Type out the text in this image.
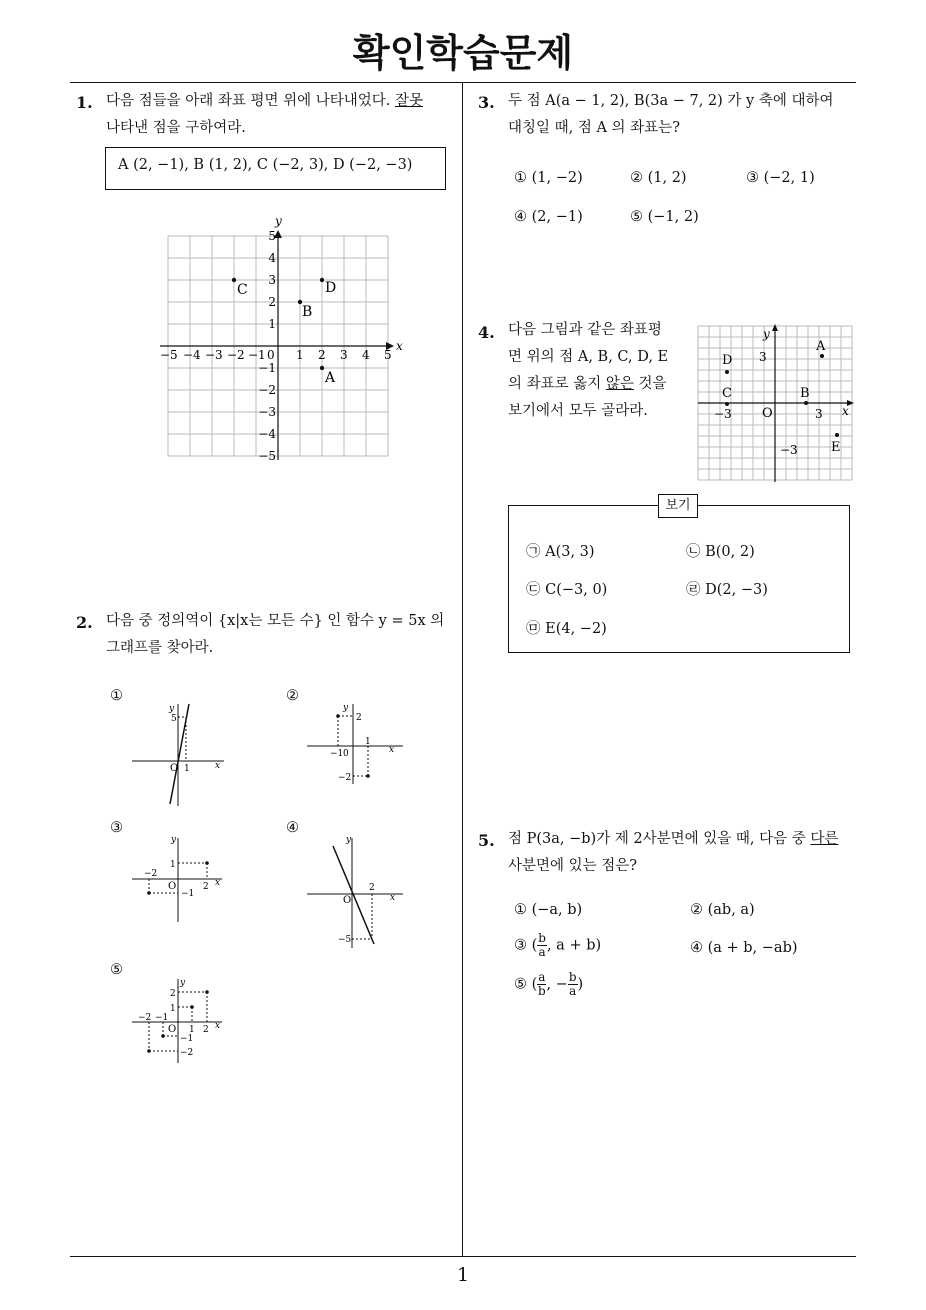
확인학습문제
1
1. 다음 점들을 아래 좌표 평면 위에 나타내었다. 잘못
나타낸 점을 구하여라.
A (2, −1), B (1, 2), C (−2, 3), D (−2, −3)
x
y
−5 −4 −3 −2 −1 0 1 2 3 4 5
5
4
3
2
1
−1
−2
−3
−4
−5
C	D
B
A
2. 다음 중 정의역이 {x|x는 모든 수} 인 함수 y = 5x 의
그래프를 찾아라.
①	②
③	④
⑤
y
5
O 1	x
y
2
−1 0
1
x
−2
y
1
−2
O	2 x
−1
y
O
2
x
−5
y
2
1
−2 −1
O 1 2 x
−1
−2
3. 두 점 A(a − 1, 2), B(3a − 7, 2) 가 y 축에 대하여
대칭일 때, 점 A 의 좌표는?
① (1, −2)	② (1, 2)	③ (−2, 1)
④ (2, −1)	⑤ (−1, 2)
4. 다음 그림과 같은 좌표평
면 위의 점 A, B, C, D, E
의 좌표로 옳지 않은 것을
보기에서 모두 골라라.	x
y
O
3
−3	3
−3
A
D
C	B
E
보기
㉠ A(3, 3)	㉡ B(0, 2)
㉢ C(−3, 0)	㉣ D(2, −3)
㉤ E(4, −2)
5. 점 P(3a, −b)가 제 2사분면에 있을 때, 다음 중 다른
사분면에 있는 점은?
① (−a, b)	② (ab, a)
③ ( $\frac{b}{a}$ , a + b)	④ (a + b, −ab)
⑤ ( $\frac{a}{b}$ , − $\frac{b}{a}$ )
